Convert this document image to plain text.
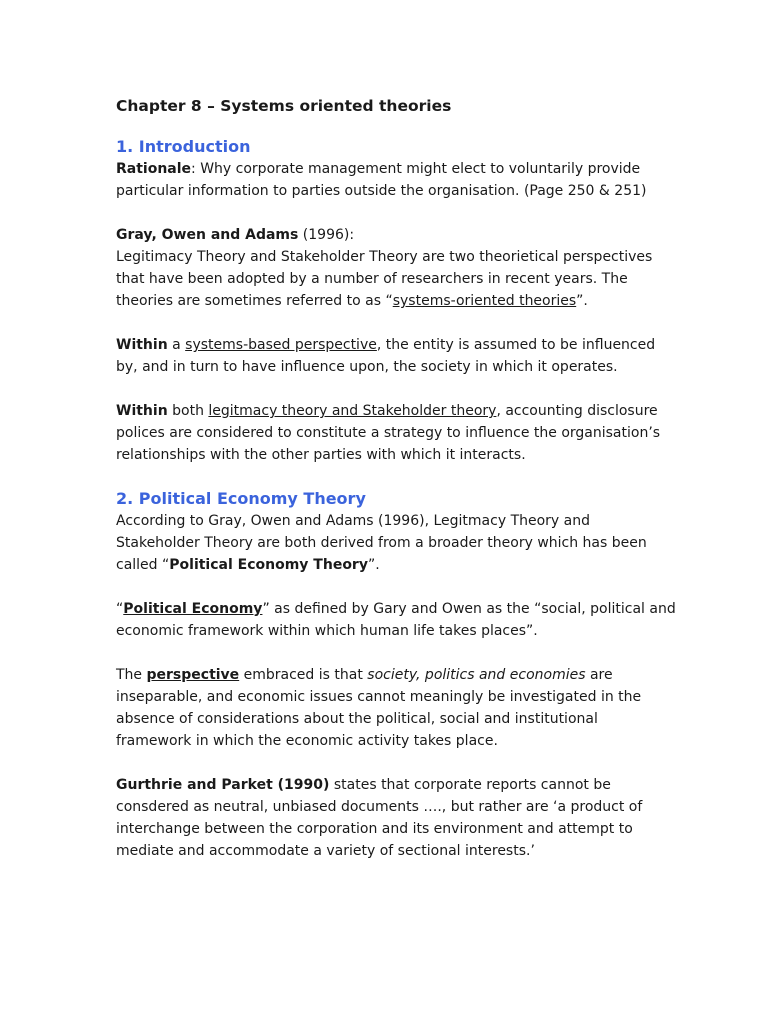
Chapter 8 – Systems oriented theories
1. Introduction

Rationale: Why corporate management might elect to voluntarily provide particular information to parties outside the organisation. (Page 250 & 251)

Gray, Owen and Adams (1996):

Legitimacy Theory and Stakeholder Theory are two theorietical perspectives that have been adopted by a number of researchers in recent years. The theories are sometimes referred to as “systems-oriented theories”.

Within a systems-based perspective, the entity is assumed to be influenced by, and in turn to have influence upon, the society in which it operates.

Within both legitmacy theory and Stakeholder theory, accounting disclosure polices are considered to constitute a strategy to influence the organisation’s relationships with the other parties with which it interacts.

2. Political Economy Theory

According to Gray, Owen and Adams (1996), Legitmacy Theory and Stakeholder Theory are both derived from a broader theory which has been called “Political Economy Theory”.

“Political Economy” as defined by Gary and Owen as the “social, political and economic framework within which human life takes places”.

The perspective embraced is that society, politics and economies are inseparable, and economic issues cannot meaningly be investigated in the absence of considerations about the political, social and institutional framework in which the economic activity takes place.

Gurthrie and Parket (1990) states that corporate reports cannot be consdered as neutral, unbiased documents …., but rather are ‘a product of interchange between the corporation and its environment and attempt to mediate and accommodate a variety of sectional interests.’
